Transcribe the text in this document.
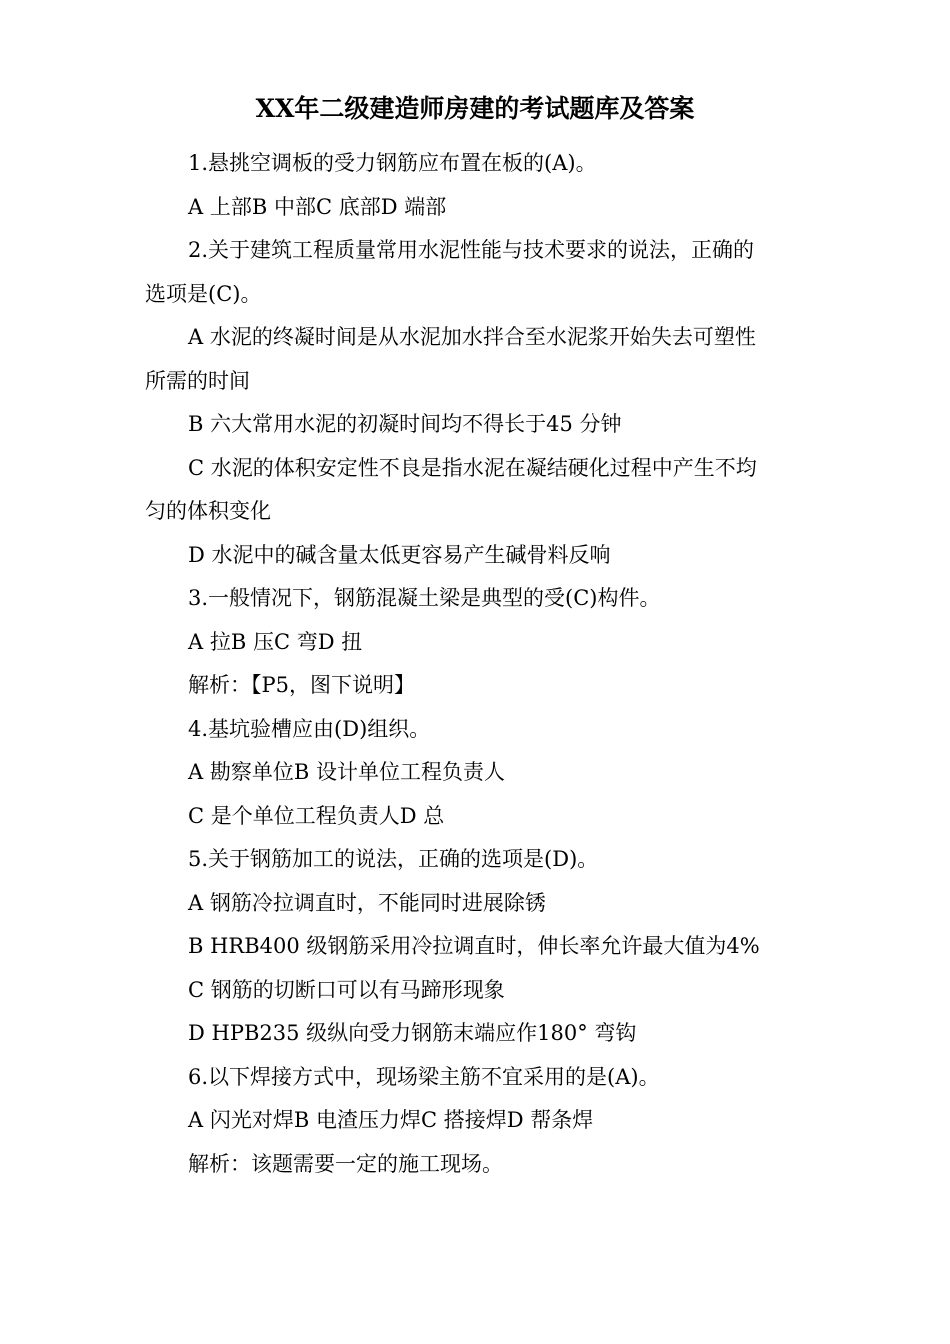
XX年二级建造师房建的考试题库及答案
1.悬挑空调板的受力钢筋应布置在板的(A)。
A 上部B 中部C 底部D 端部
2.关于建筑工程质量常用水泥性能与技术要求的说法，正确的
选项是(C)。
A 水泥的终凝时间是从水泥加水拌合至水泥浆开始失去可塑性
所需的时间
B 六大常用水泥的初凝时间均不得长于45 分钟
C 水泥的体积安定性不良是指水泥在凝结硬化过程中产生不均
匀的体积变化
D 水泥中的碱含量太低更容易产生碱骨料反响
3.一般情况下，钢筋混凝土梁是典型的受(C)构件。
A 拉B 压C 弯D 扭
解析：【P5，图下说明】
4.基坑验槽应由(D)组织。
A 勘察单位B 设计单位工程负责人
C 是个单位工程负责人D 总
5.关于钢筋加工的说法，正确的选项是(D)。
A 钢筋冷拉调直时，不能同时进展除锈
B HRB400 级钢筋采用冷拉调直时，伸长率允许最大值为4%
C 钢筋的切断口可以有马蹄形现象
D HPB235 级纵向受力钢筋末端应作180° 弯钩
6.以下焊接方式中，现场梁主筋不宜采用的是(A)。
A 闪光对焊B 电渣压力焊C 搭接焊D 帮条焊
解析：该题需要一定的施工现场。
